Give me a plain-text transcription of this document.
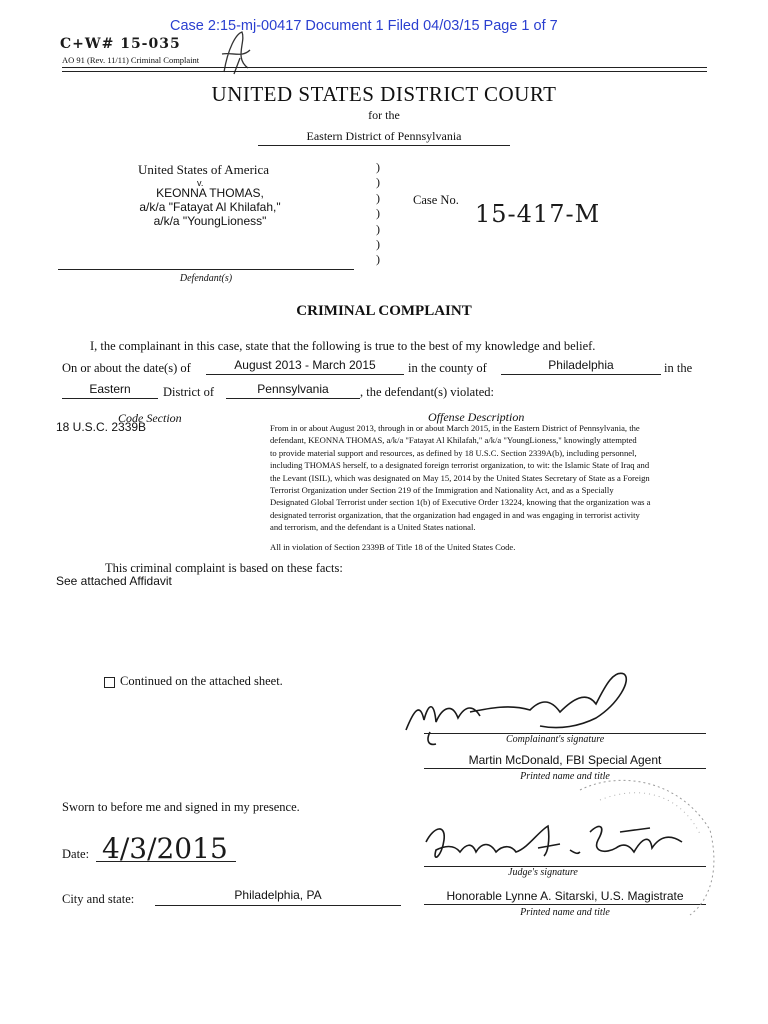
Case 2:15-mj-00417 Document 1 Filed 04/03/15 Page 1 of 7
C+W# 15-035
AO 91 (Rev. 11/11) Criminal Complaint
UNITED STATES DISTRICT COURT
for the
Eastern District of Pennsylvania
United States of America
v.
KEONNA THOMAS,
a/k/a "Fatayat Al Khilafah,"
a/k/a "YoungLioness"
)
)
)
)
)
)
)
Case No. 15-417-M
Defendant(s)
CRIMINAL COMPLAINT
I, the complainant in this case, state that the following is true to the best of my knowledge and belief.
On or about the date(s) of	August 2013 - March 2015	in the county of	Philadelphia	in the
Eastern	District of	Pennsylvania	, the defendant(s) violated:
Code Section
18 U.S.C. 2339B
Offense Description
From in or about August 2013, through in or about March 2015, in the Eastern District of Pennsylvania, the
defendant, KEONNA THOMAS, a/k/a "Fatayat Al Khilafah," a/k/a "YoungLioness," knowingly attempted
to provide material support and resources, as defined by 18 U.S.C. Section 2339A(b), including personnel,
including THOMAS herself, to a designated foreign terrorist organization, to wit: the Islamic State of Iraq and
the Levant (ISIL), which was designated on May 15, 2014 by the United States Secretary of State as a Foreign
Terrorist Organization under Section 219 of the Immigration and Nationality Act, and as a Specially
Designated Global Terrorist under section 1(b) of Executive Order 13224, knowing that the organization was a
designated terrorist organization, that the organization had engaged in and was engaging in terrorist activity
and terrorism, and the defendant is a United States national.
All in violation of Section 2339B of Title 18 of the United States Code.
This criminal complaint is based on these facts:
See attached Affidavit
Continued on the attached sheet.
Complainant's signature
Martin McDonald, FBI Special Agent
Printed name and title
Sworn to before me and signed in my presence.
Date: 4/3/2015
Judge's signature
Honorable Lynne A. Sitarski, U.S. Magistrate
Printed name and title
City and state:	Philadelphia, PA
